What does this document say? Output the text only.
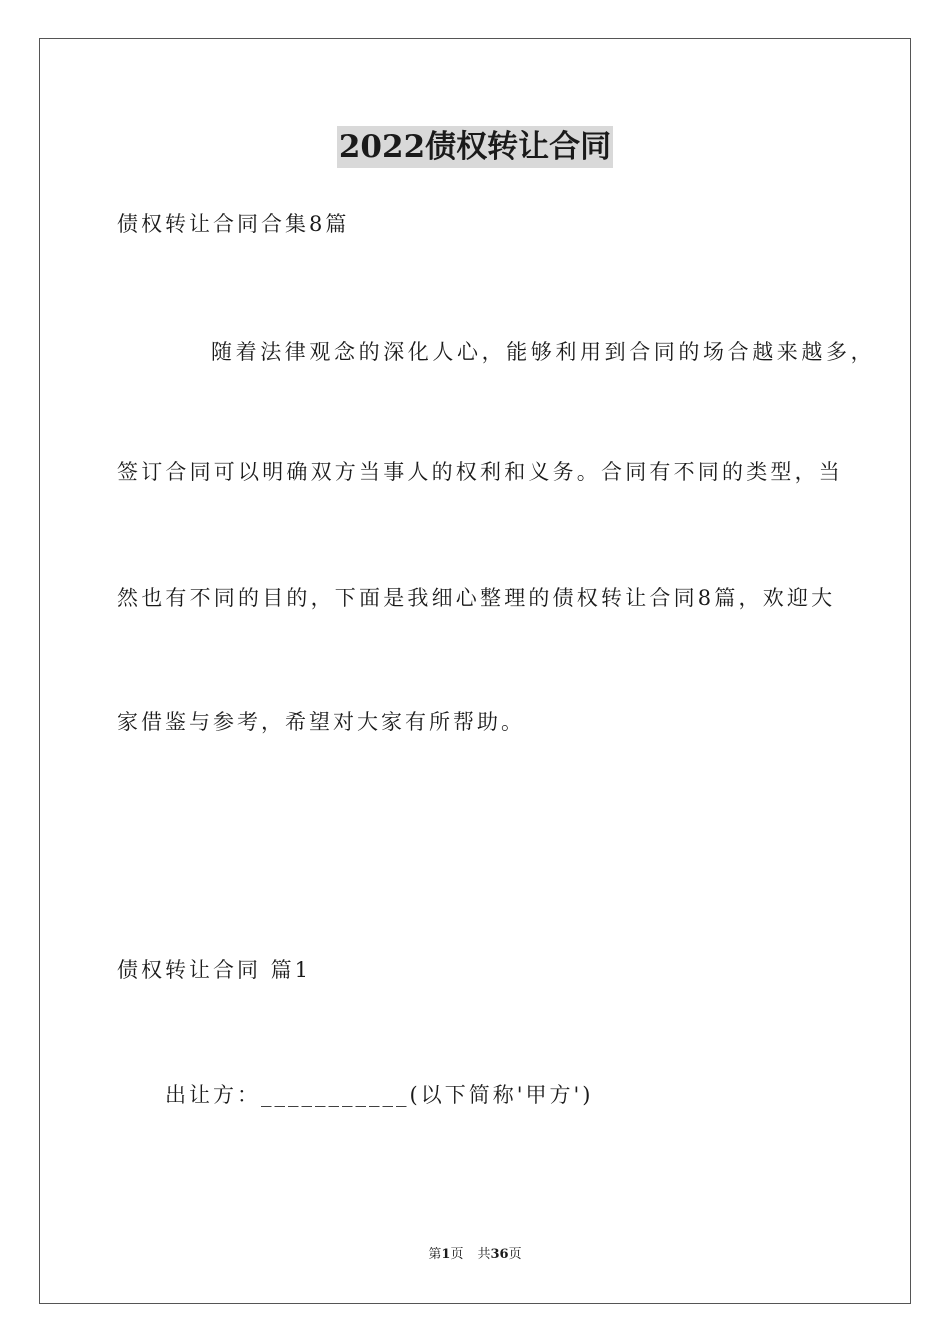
2022债权转让合同
债权转让合同合集8篇
随着法律观念的深化人心，能够利用到合同的场合越来越多，
签订合同可以明确双方当事人的权利和义务。合同有不同的类型，当
然也有不同的目的，下面是我细心整理的债权转让合同8篇，欢迎大
家借鉴与参考，希望对大家有所帮助。
债权转让合同 篇1
出让方：___________(以下简称'甲方')
第1页 共36页
